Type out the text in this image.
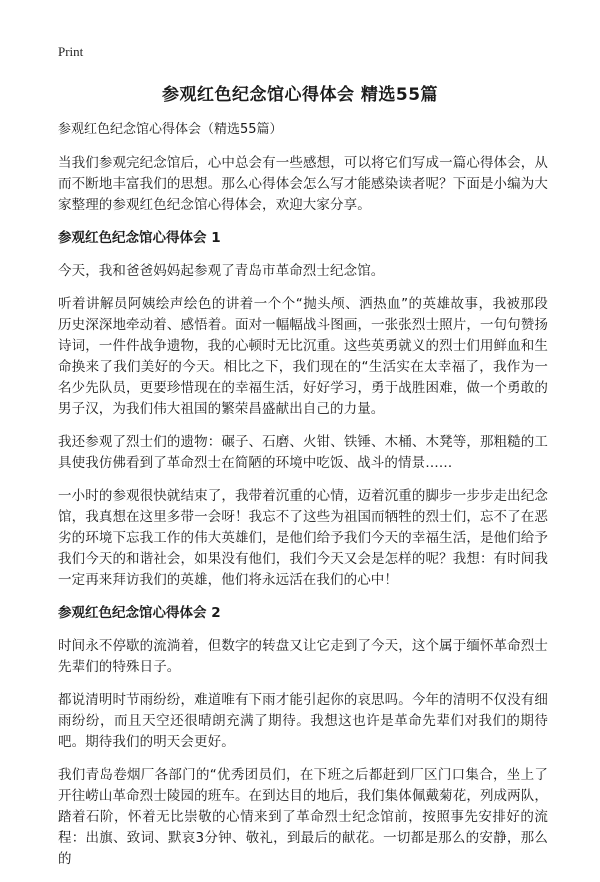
Print
参观红色纪念馆心得体会 精选55篇
参观红色纪念馆心得体会（精选55篇）

当我们参观完纪念馆后，心中总会有一些感想，可以将它们写成一篇心得体会，从而不断地丰富我们的思想。那么心得体会怎么写才能感染读者呢？下面是小编为大家整理的参观红色纪念馆心得体会，欢迎大家分享。

参观红色纪念馆心得体会 1

今天，我和爸爸妈妈起参观了青岛市革命烈士纪念馆。

听着讲解员阿姨绘声绘色的讲着一个个“抛头颅、洒热血”的英雄故事，我被那段历史深深地牵动着、感悟着。面对一幅幅战斗图画，一张张烈士照片，一句句赞扬诗词，一件件战争遗物，我的心顿时无比沉重。这些英勇就义的烈士们用鲜血和生命换来了我们美好的今天。相比之下，我们现在的“生活实在太幸福了，我作为一名少先队员，更要珍惜现在的幸福生活，好好学习，勇于战胜困难，做一个勇敢的男子汉，为我们伟大祖国的繁荣昌盛献出自己的力量。

我还参观了烈士们的遗物：碾子、石磨、火钳、铁锤、木桶、木凳等，那粗糙的工具使我仿佛看到了革命烈士在简陋的环境中吃饭、战斗的情景……

一小时的参观很快就结束了，我带着沉重的心情，迈着沉重的脚步一步步走出纪念馆，我真想在这里多带一会呀！我忘不了这些为祖国而牺牲的烈士们，忘不了在恶劣的环境下忘我工作的伟大英雄们，是他们给予我们今天的幸福生活，是他们给予我们今天的和谐社会，如果没有他们，我们今天又会是怎样的呢？我想：有时间我一定再来拜访我们的英雄，他们将永远活在我们的心中！

参观红色纪念馆心得体会 2

时间永不停歇的流淌着，但数字的转盘又让它走到了今天，这个属于缅怀革命烈士先辈们的特殊日子。

都说清明时节雨纷纷，难道唯有下雨才能引起你的哀思吗。今年的清明不仅没有细雨纷纷，而且天空还很晴朗充满了期待。我想这也许是革命先辈们对我们的期待吧。期待我们的明天会更好。

我们青岛卷烟厂各部门的“优秀团员们，在下班之后都赶到厂区门口集合，坐上了开往崂山革命烈士陵园的班车。在到达目的地后，我们集体佩戴菊花，列成两队，踏着石阶，怀着无比崇敬的心情来到了革命烈士纪念馆前，按照事先安排好的流程：出旗、致词、默哀3分钟、敬礼，到最后的献花。一切都是那么的安静，那么的
